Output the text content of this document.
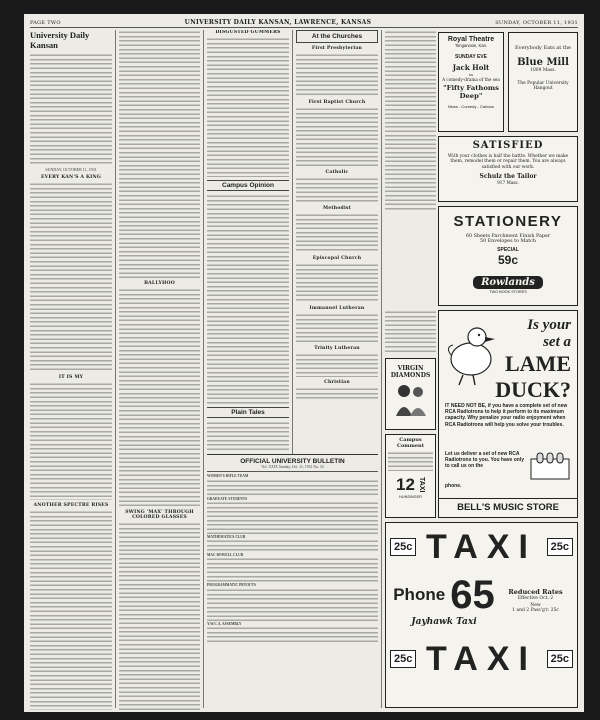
PAGE TWO	UNIVERSITY DAILY KANSAN, LAWRENCE, KANSAS	SUNDAY, OCTOBER 11, 1931
University Daily Kansan
SUNDAY, OCTOBER 11, 1931
EVERY KAN'S A KING
IT IS MY
ANOTHER SPECTRE RISES
BALLYHOO
SWING 'MAX' THROUGH COLORED GLASSES
DISGUSTED GUMMERS
Campus Opinion
Plain Tales
At the Churches
First Presbyterian
First Baptist Church
Catholic
Methodist
Episcopal Church
Immanuel Lutheran
Trinity Lutheran
Christian
OFFICIAL UNIVERSITY BULLETIN
Vol. XXIX Sunday, Oct. 11, 1931 No. 33
WOMEN'S RIFLE TEAM
GRADUATE STUDENTS
MATHEMATICS CLUB
MAC BOWELL CLUB
PROGRAMMATIC PRYOUTS
Y.W.C.A. ASSEMBLY
Royal Theatre
Tonganoxie, Kan.
SUNDAY EVE
Jack Holt
in
A comedy-drama of the sea
"Fifty Fathoms Deep"
News - Comedy - Cartoon
Everybody Eats at the
Blue Mill
1009 Mass.
The Popular University Hangout
SATISFIED
With your clothes is half the battle. Whether we make them, remodel them or repair them. You are always satisfied with our work.
Schulz the Tailor
917 Mass.
STATIONERY
60 Sheets Parchment Finish Paper
50 Envelopes to Match
SPECIAL
59c
Rowlands
TWO BOOK STORES
VIRGIN
DIAMONDS
Campus Comment
12 TAXI
HUNSINGER
Is your
set a
LAME
DUCK?
IT NEED NOT BE, if you have a complete set of new RCA Radiotrons to help it perform to its maximum capacity. Why penalize your radio enjoyment when RCA Radiotrons will help you solve your troubles.
Let us deliver a set of new RCA Radiotrons to you. You have only to call us on the
phone.
BELL'S MUSIC STORE
25c TAXI	25c
Phone 65
Jayhawk Taxi
Reduced Rates
Effective Oct. 2
New
1 and 2 Pass'g'r. 25c
25c TAXI	25c
